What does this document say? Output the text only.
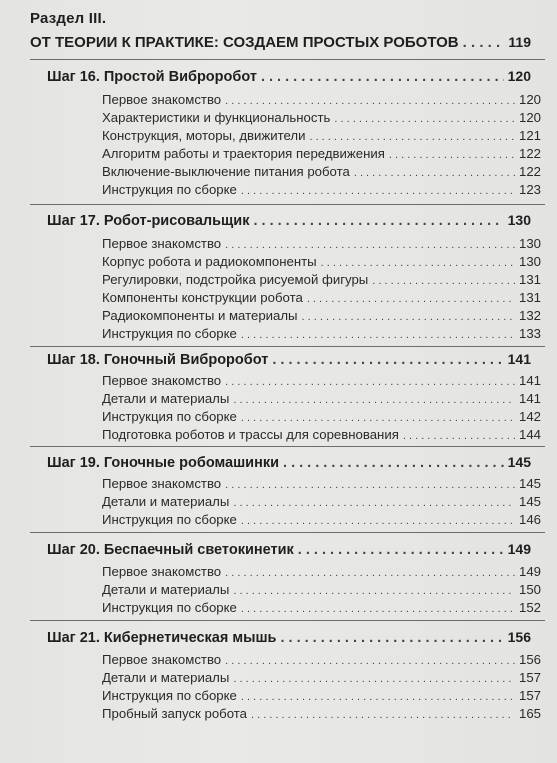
Раздел III.
ОТ ТЕОРИИ К ПРАКТИКЕ: СОЗДАЕМ ПРОСТЫХ РОБОТОВ . . .	119
Шаг 16. Простой Виброробот . . .	120
Первое знакомство . . .	120
Характеристики и функциональность . . .	120
Конструкция, моторы, движители . . .	121
Алгоритм работы и траектория передвижения . . .	122
Включение-выключение питания робота . . .	122
Инструкция по сборке . . .	123
Шаг 17. Робот-рисовальщик . . .	130
Первое знакомство . . .	130
Корпус робота и радиокомпоненты . . .	130
Регулировки, подстройка рисуемой фигуры . . .	131
Компоненты конструкции робота . . .	131
Радиокомпоненты и материалы . . .	132
Инструкция по сборке . . .	133
Шаг 18. Гоночный Виброробот . . .	141
Первое знакомство . . .	141
Детали и материалы . . .	141
Инструкция по сборке . . .	142
Подготовка роботов и трассы для соревнования . . .	144
Шаг 19. Гоночные робомашинки . . .	145
Первое знакомство . . .	145
Детали и материалы . . .	145
Инструкция по сборке . . .	146
Шаг 20. Беспаечный светокинетик . . .	149
Первое знакомство . . .	149
Детали и материалы . . .	150
Инструкция по сборке . . .	152
Шаг 21. Кибернетическая мышь . . .	156
Первое знакомство . . .	156
Детали и материалы . . .	157
Инструкция по сборке . . .	157
Пробный запуск робота . . .	165
